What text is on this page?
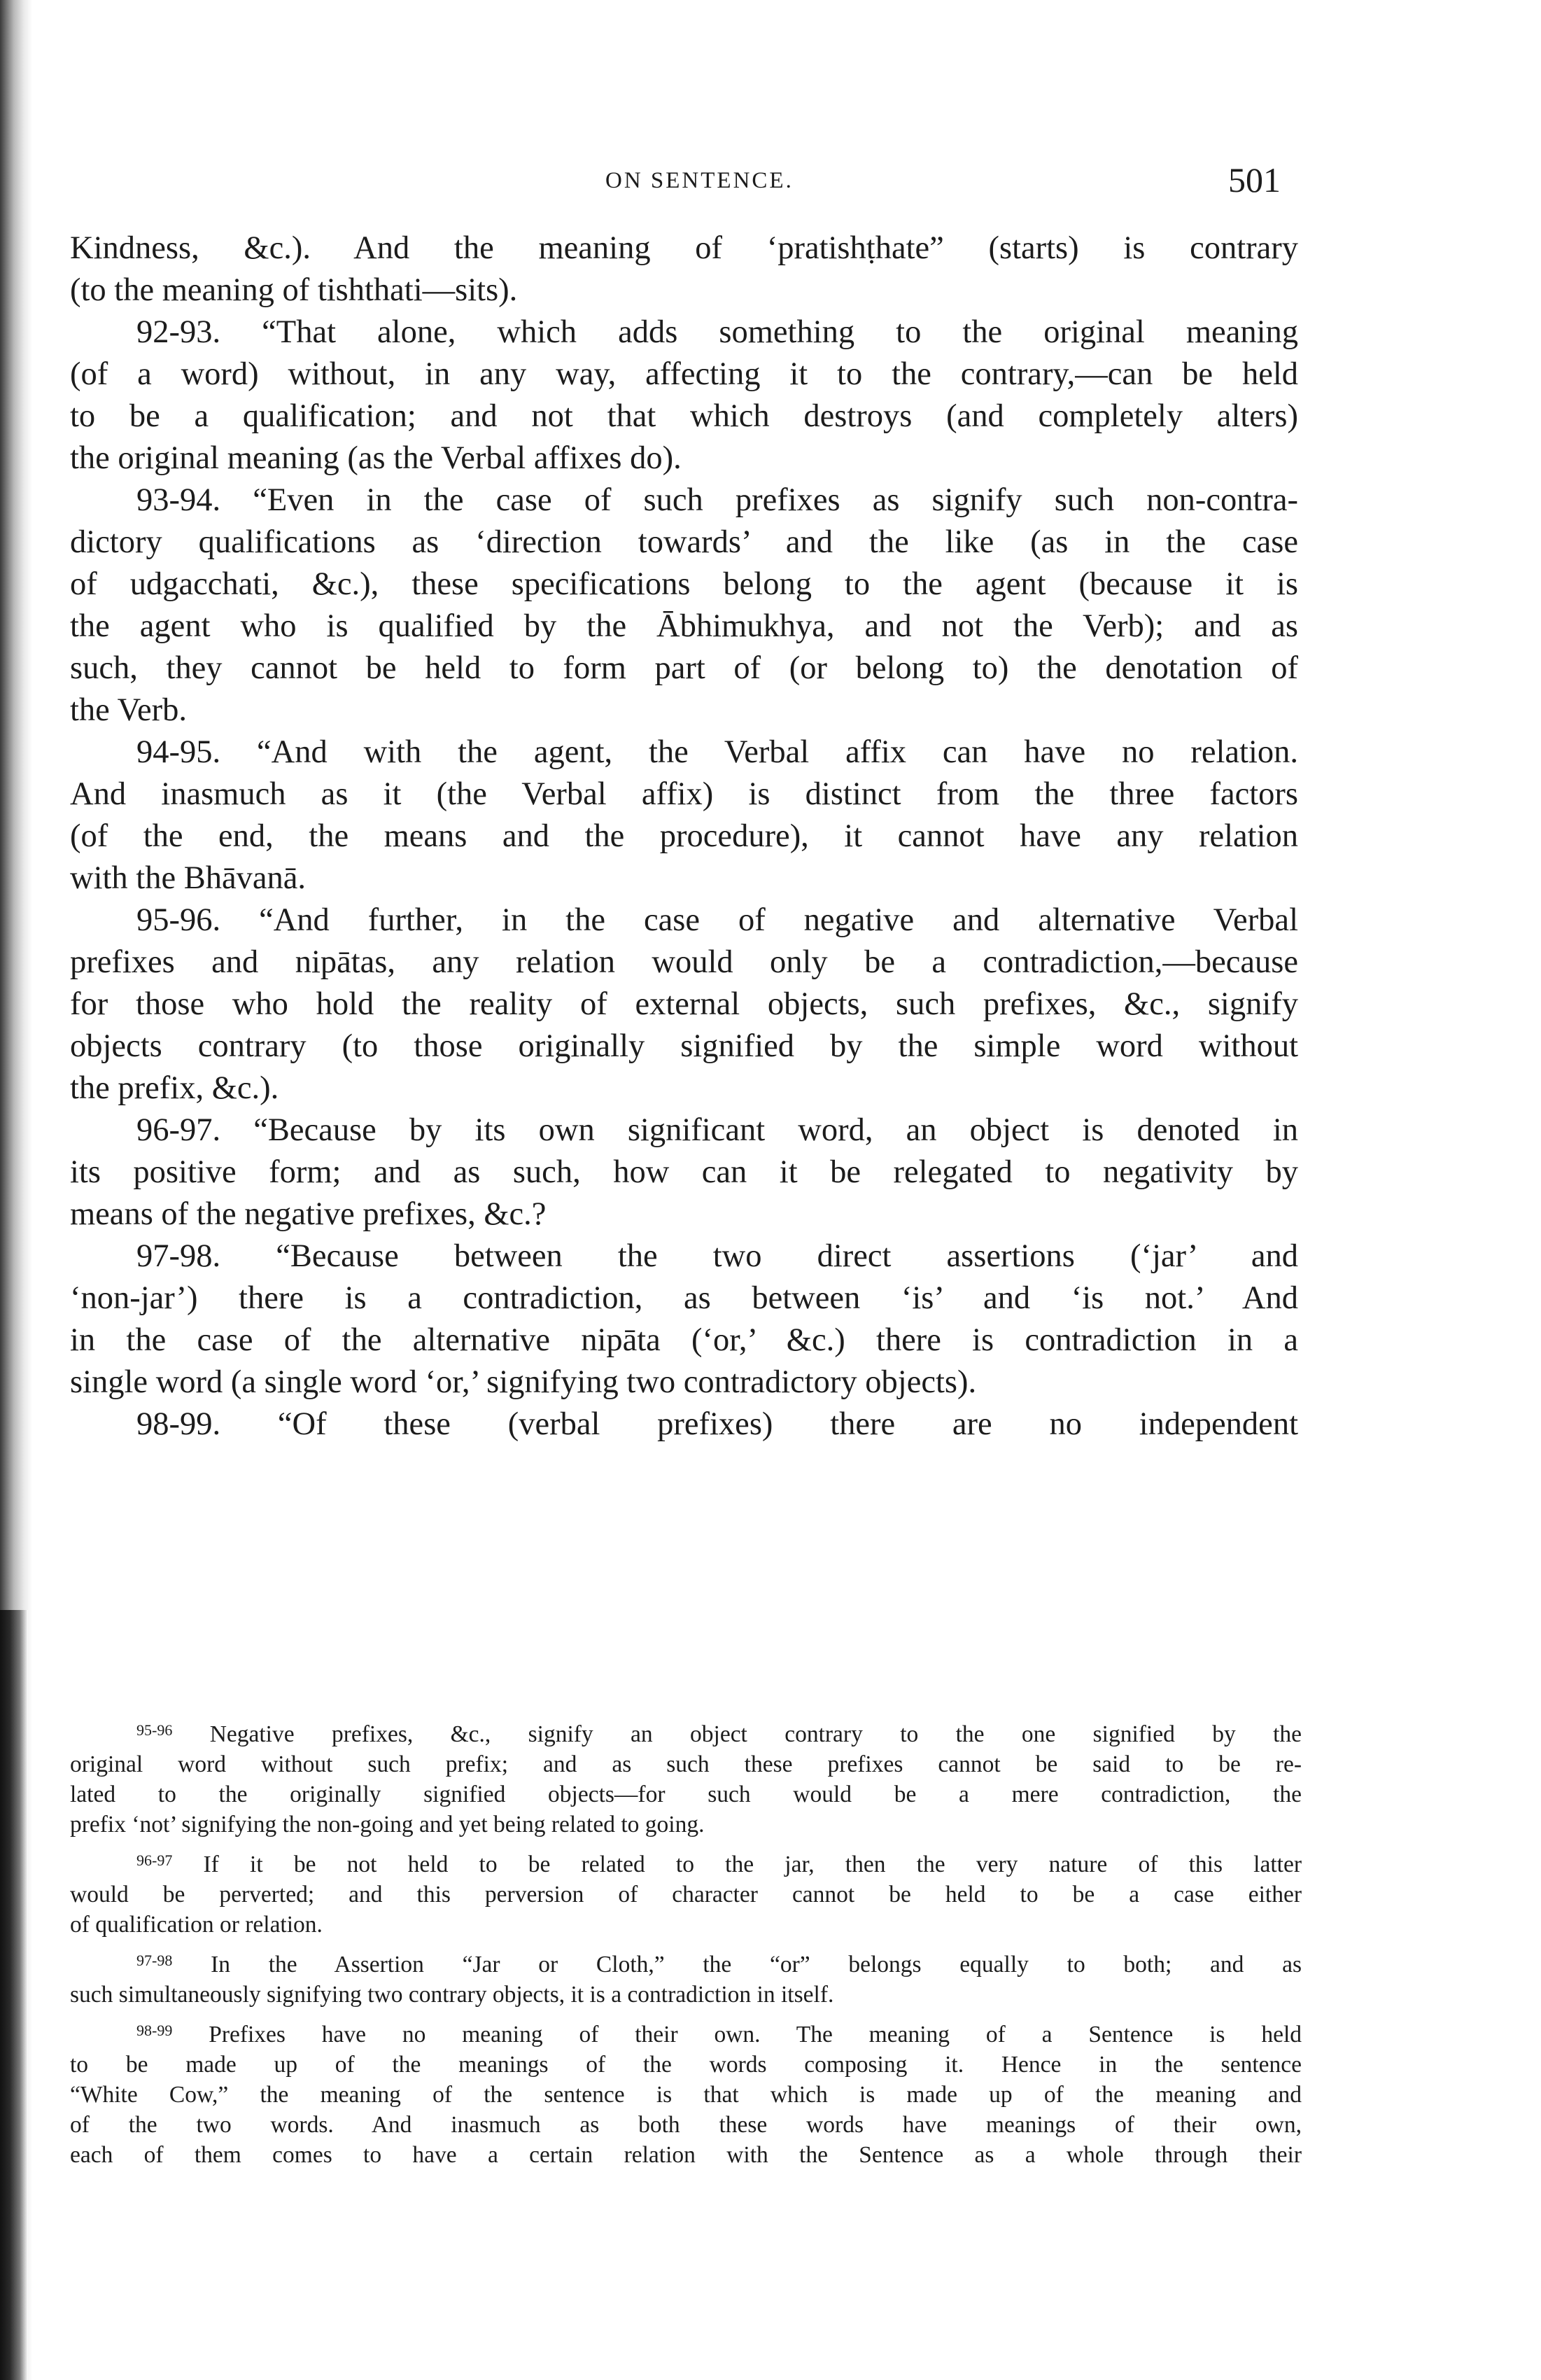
ON SENTENCE.	501

Kindness, &c.). And the meaning of ‘pratishṭhate” (starts) is contrary
(to the meaning of tishthati—sits).

92-93. “That alone, which adds something to the original meaning
(of a word) without, in any way, affecting it to the contrary,—can be held
to be a qualification; and not that which destroys (and completely alters)
the original meaning (as the Verbal affixes do).

93-94. “Even in the case of such prefixes as signify such non-contra-
dictory qualifications as ‘direction towards’ and the like (as in the case
of udgacchati, &c.), these specifications belong to the agent (because it is
the agent who is qualified by the Ābhimukhya, and not the Verb); and as
such, they cannot be held to form part of (or belong to) the denotation of
the Verb.

94-95. “And with the agent, the Verbal affix can have no relation.
And inasmuch as it (the Verbal affix) is distinct from the three factors
(of the end, the means and the procedure), it cannot have any relation
with the Bhāvanā.

95-96. “And further, in the case of negative and alternative Verbal
prefixes and nipātas, any relation would only be a contradiction,—because
for those who hold the reality of external objects, such prefixes, &c., signify
objects contrary (to those originally signified by the simple word without
the prefix, &c.).

96-97. “Because by its own significant word, an object is denoted in
its positive form; and as such, how can it be relegated to negativity by
means of the negative prefixes, &c.?

97-98. “Because between the two direct assertions (‘jar’ and
‘non-jar’) there is a contradiction, as between ‘is’ and ‘is not.’ And
in the case of the alternative nipāta (‘or,’ &c.) there is contradiction in a
single word (a single word ‘or,’ signifying two contradictory objects).

98-99. “Of these (verbal prefixes) there are no independent

$^{95-96}$ Negative prefixes, &c., signify an object contrary to the one signified by the
original word without such prefix; and as such these prefixes cannot be said to be re-
lated to the originally signified objects—for such would be a mere contradiction, the
prefix ‘not’ signifying the non-going and yet being related to going.
$^{96-97}$ If it be not held to be related to the jar, then the very nature of this latter
would be perverted; and this perversion of character cannot be held to be a case either
of qualification or relation.
$^{97-98}$ In the Assertion “Jar or Cloth,” the “or” belongs equally to both; and as
such simultaneously signifying two contrary objects, it is a contradiction in itself.
$^{98-99}$ Prefixes have no meaning of their own. The meaning of a Sentence is held
to be made up of the meanings of the words composing it. Hence in the sentence
“White Cow,” the meaning of the sentence is that which is made up of the meaning and
of the two words. And inasmuch as both these words have meanings of their own,
each of them comes to have a certain relation with the Sentence as a whole through their
